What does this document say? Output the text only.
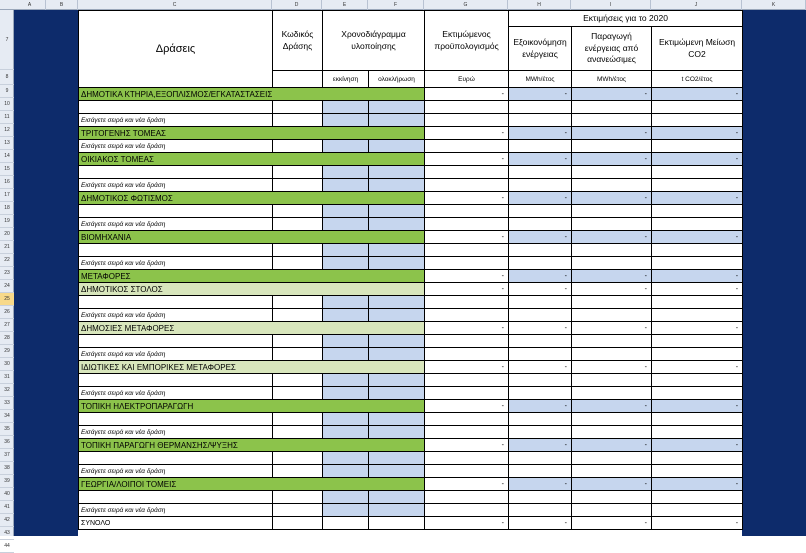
A	B	C	D	E	F	G	H	I	J	K
7
8
9
10
11
12
13
14
15
16
17
18
19
20
21
22
23
24
25
26
27
28
29
30
31
32
33
34
35
36
37
38
39
40
41
42
43
44
Δράσεις	Κωδικός Δράσης	Χρονοδιάγραμμα υλοποίησης		Εκτιμώμενος προϋπολογισμός	Εκτιμήσεις για το 2020		
					Εξοικονόμηση ενέργειας	Παραγωγή ενέργειας από ανανεώσιμες	Εκτιμώμενη Μείωση CO2
		εκκίνηση	ολοκλήρωση	Ευρώ	MWh/έτος	MWh/έτος	t CO2/έτος
ΔΗΜΟΤΙΚΑ ΚΤΗΡΙΑ,ΕΞΟΠΛΙΣΜΟΣ/ΕΓΚΑΤΑΣΤΑΣΕΙΣ				-	-	-	-

Εισάγετε σειρά και νέα δράση							
ΤΡΙΤΟΓΕΝΗΣ ΤΟΜΕΑΣ				-	-	-	-
Εισάγετε σειρά και νέα δράση							
ΟΙΚΙΑΚΟΣ ΤΟΜΕΑΣ				-	-	-	-

Εισάγετε σειρά και νέα δράση							
ΔΗΜΟΤΙΚΟΣ ΦΩΤΙΣΜΟΣ				-	-	-	-

Εισάγετε σειρά και νέα δράση							
ΒΙΟΜΗΧΑΝΙΑ				-	-	-	-

Εισάγετε σειρά και νέα δράση							
ΜΕΤΑΦΟΡΕΣ				-	-	-	-
ΔΗΜΟΤΙΚΟΣ ΣΤΟΛΟΣ				-	-	-	-

Εισάγετε σειρά και νέα δράση							
ΔΗΜΟΣΙΕΣ ΜΕΤΑΦΟΡΕΣ				-	-	-	-

Εισάγετε σειρά και νέα δράση							
ΙΔΙΩΤΙΚΕΣ ΚΑΙ ΕΜΠΟΡΙΚΕΣ ΜΕΤΑΦΟΡΕΣ				-	-	-	-

Εισάγετε σειρά και νέα δράση							
ΤΟΠΙΚΗ ΗΛΕΚΤΡΟΠΑΡΑΓΩΓΗ				-	-	-	-

Εισάγετε σειρά και νέα δράση							
ΤΟΠΙΚΗ ΠΑΡΑΓΩΓΗ ΘΕΡΜΑΝΣΗΣ/ΨΥΞΗΣ				-	-	-	-

Εισάγετε σειρά και νέα δράση							
ΓΕΩΡΓΙΑ/ΛΟΙΠΟΙ ΤΟΜΕΙΣ				-	-	-	-

Εισάγετε σειρά και νέα δράση							
ΣΥΝΟΛΟ				-	-	-	-
